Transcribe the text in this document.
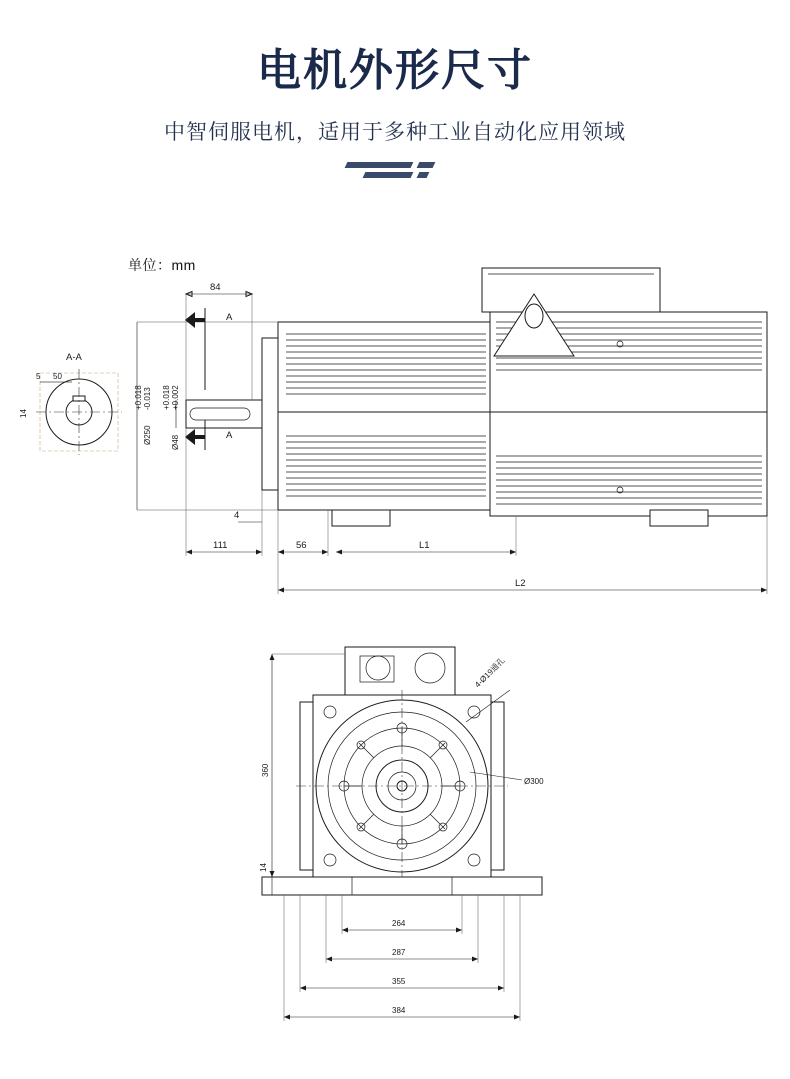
电机外形尺寸

中智伺服电机，适用于多种工业自动化应用领域

单位：mm
A-A
5 50
14
Ø250
+0.018 -0.013
Ø48
+0.018 +0.002
84
A
A
4
111	56	L1
L2
4-Ø19通孔
Ø300
360
14
264
287
355
384
